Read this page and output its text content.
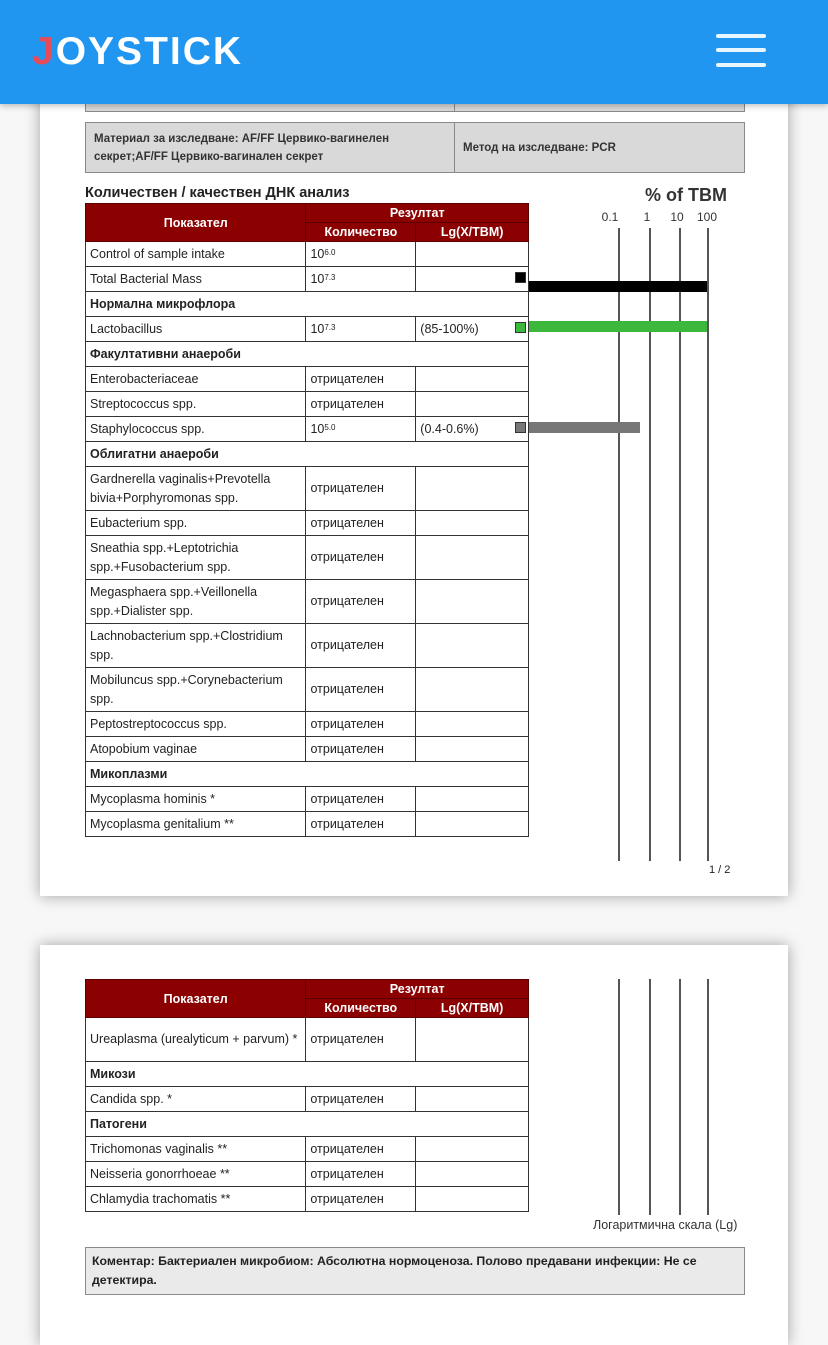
JOYSTICK
Материал за изследване: AF/FF Цервико-вагинелен секрет;AF/FF Цервико-вагинален секрет
Метод на изследване: PCR
Количествен / качествен ДНК анализ	% of TBM
Показател	Резултат	
	Количество	Lg(X/TBM)
Control of sample intake	$10^{6.0}$	
Total Bacterial Mass	$10^{7.3}$	

Нормална микрофлора		
Lactobacillus	$10^{7.3}$	(85-100%)

Факултативни анаероби		
Enterobacteriaceae	отрицателен	
Streptococcus spp.	отрицателен	
Staphylococcus spp.	$10^{5.0}$	(0.4-0.6%)

Облигатни анаероби		
Gardnerella vaginalis+Prevotella bivia+Porphyromonas spp.	отрицателен	
Eubacterium spp.	отрицателен	
Sneathia spp.+Leptotrichia spp.+Fusobacterium spp.	отрицателен	
Megasphaera spp.+Veillonella spp.+Dialister spp.	отрицателен	
Lachnobacterium spp.+Clostridium spp.	отрицателен	
Mobiluncus spp.+Corynebacterium spp.	отрицателен	
Peptostreptococcus spp.	отрицателен	
Atopobium vaginae	отрицателен	
Микоплазми		
Mycoplasma hominis *	отрицателен	
Mycoplasma genitalium **	отрицателен	
0.1 1 10 100
1 / 2
Показател	Резултат	
	Количество	Lg(X/TBM)
Ureaplasma (urealyticum + parvum) *	отрицателен	
Микози		
Candida spp. *	отрицателен	
Патогени		
Trichomonas vaginalis **	отрицателен	
Neisseria gonorrhoeae **	отрицателен	
Chlamydia trachomatis **	отрицателен	
Логаритмична скала (Lg)
Коментар: Бактериален микробиом: Абсолютна нормоценоза. Полово предавани инфекции: Не се детектира.
